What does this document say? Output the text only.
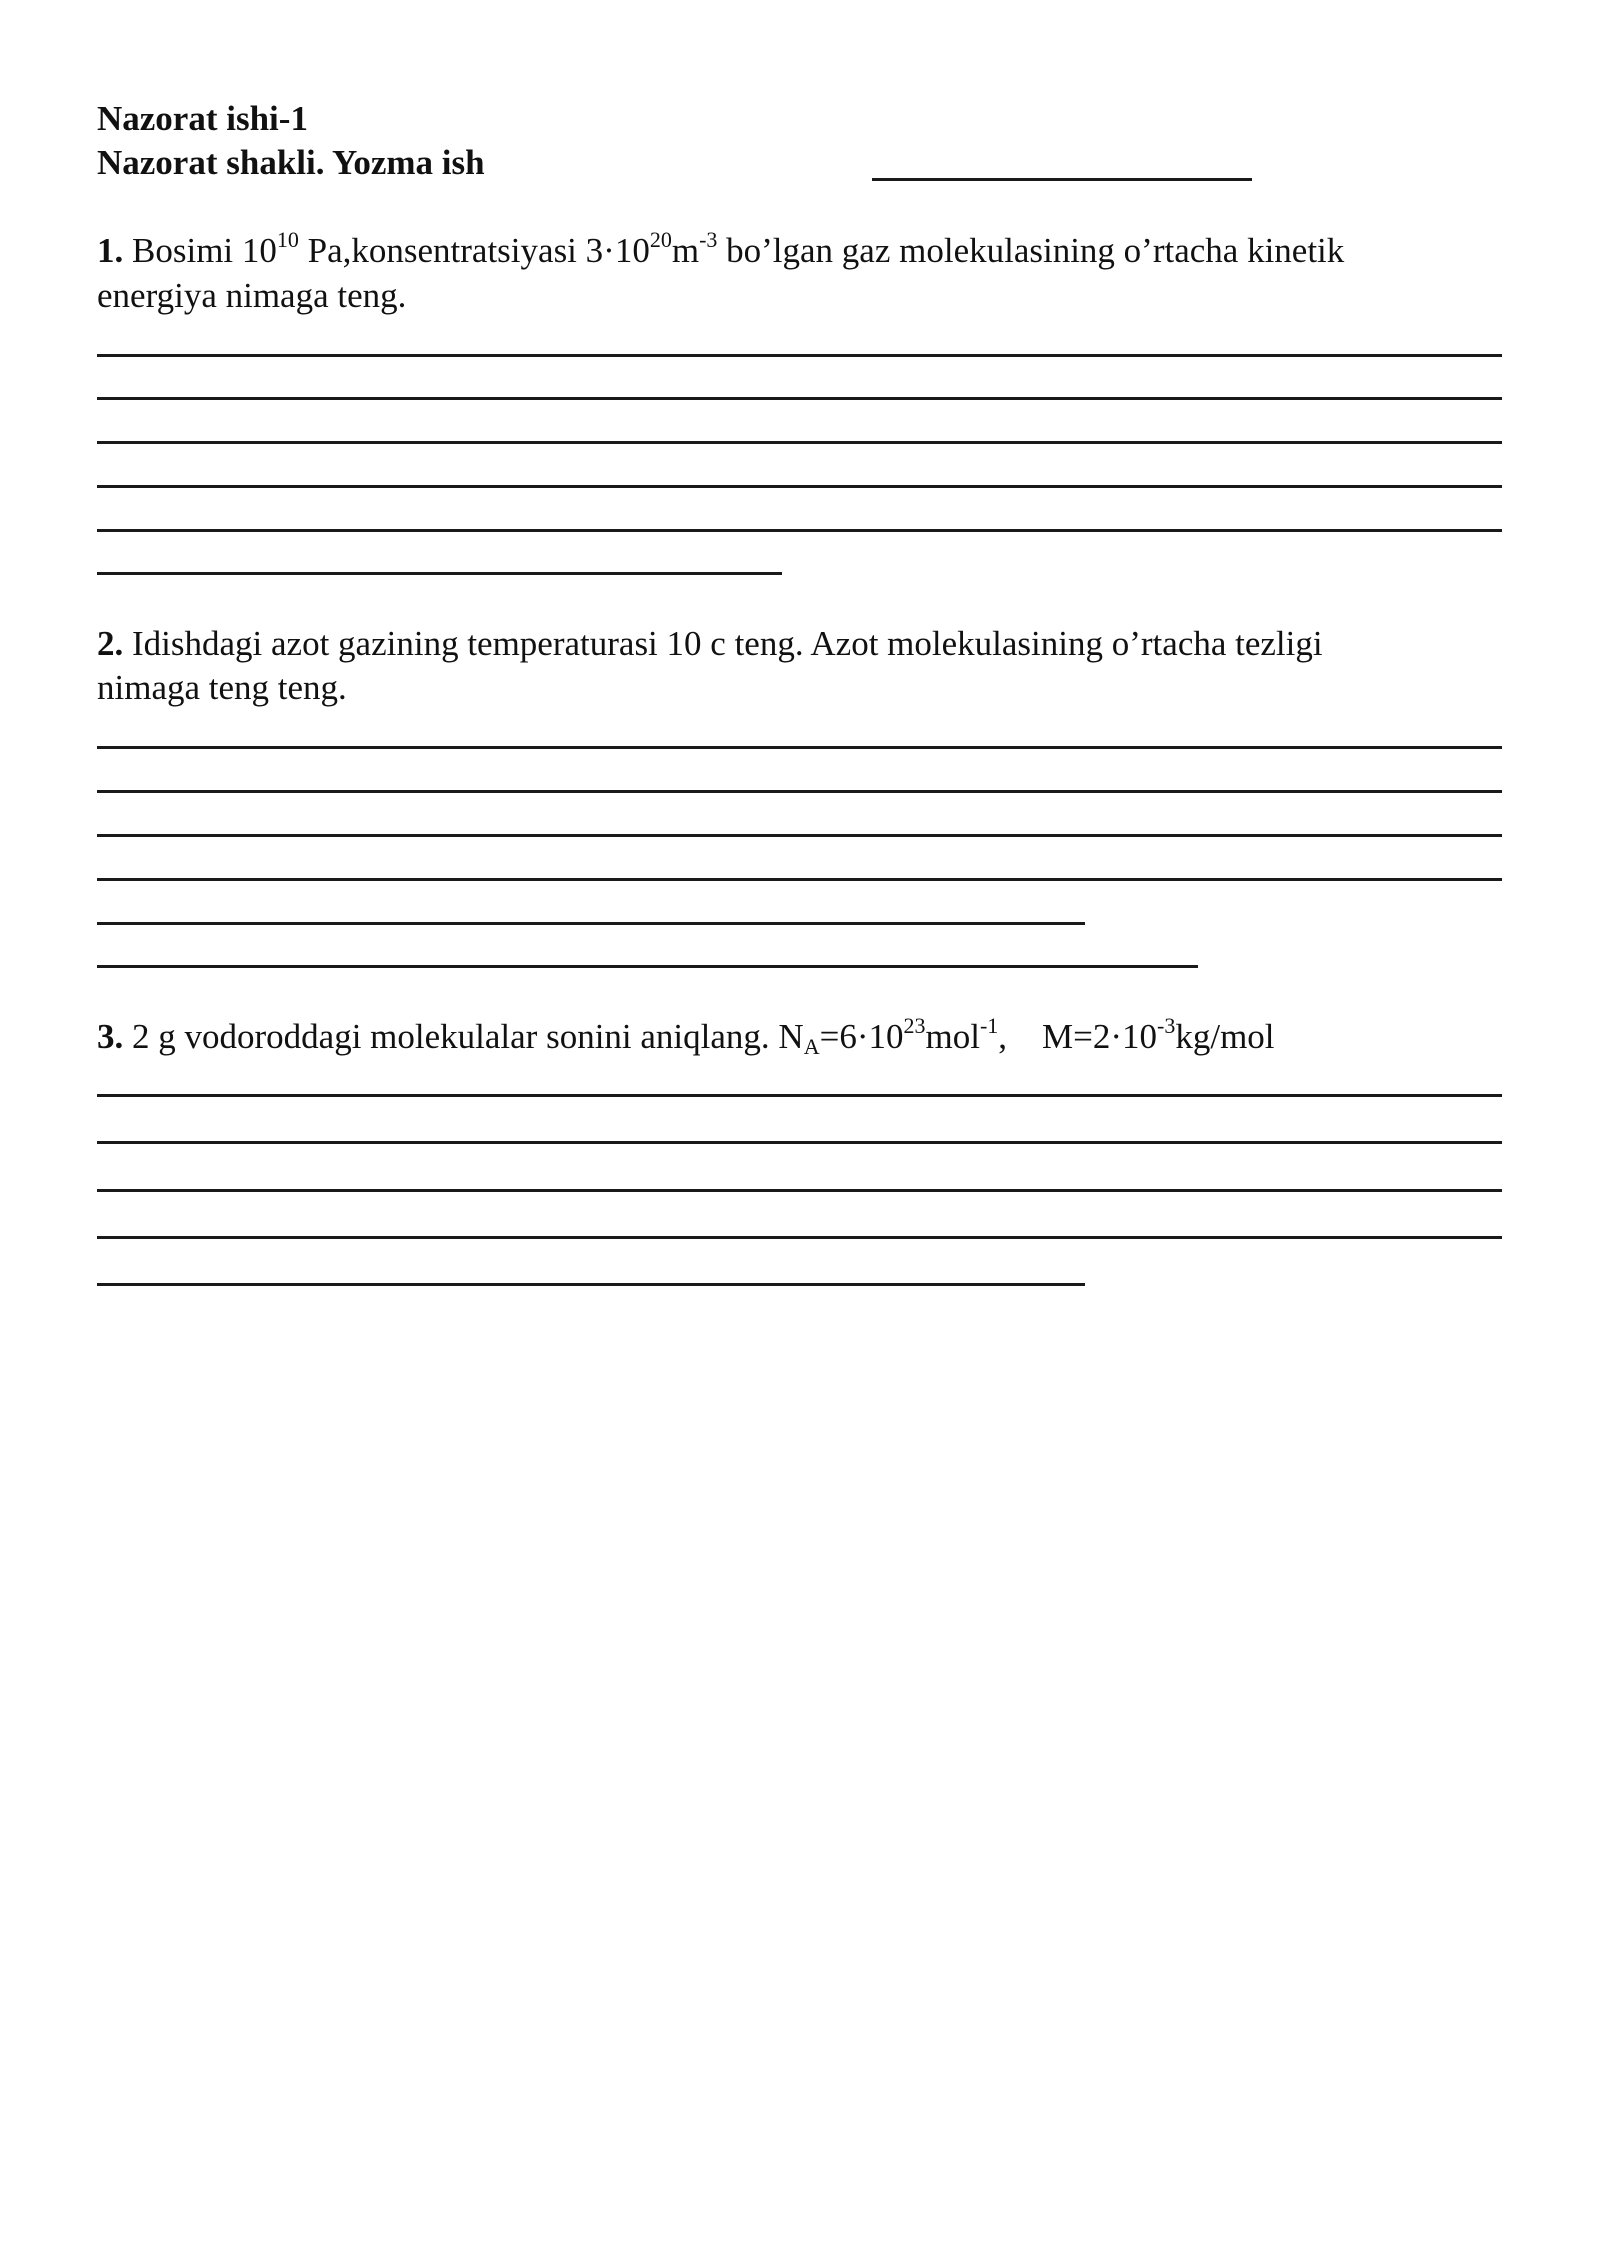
Nazorat ishi-1
Nazorat shakli. Yozma ish
1. Bosimi $10^{10}$ Pa,konsentratsiyasi $3\cdot 10^{20}m^{-3}$ bo’lgan gaz molekulasining o’rtacha kinetik
energiya nimaga teng.
2. Idishdagi azot gazining temperaturasi 10 c teng. Azot molekulasining o’rtacha tezligi
nimaga teng teng.
3. 2 g vodoroddagi molekulalar sonini aniqlang. $N_A=6\cdot 10^{23}mol^{-1}$,    $M=2\cdot 10^{-3}kg$/mol
